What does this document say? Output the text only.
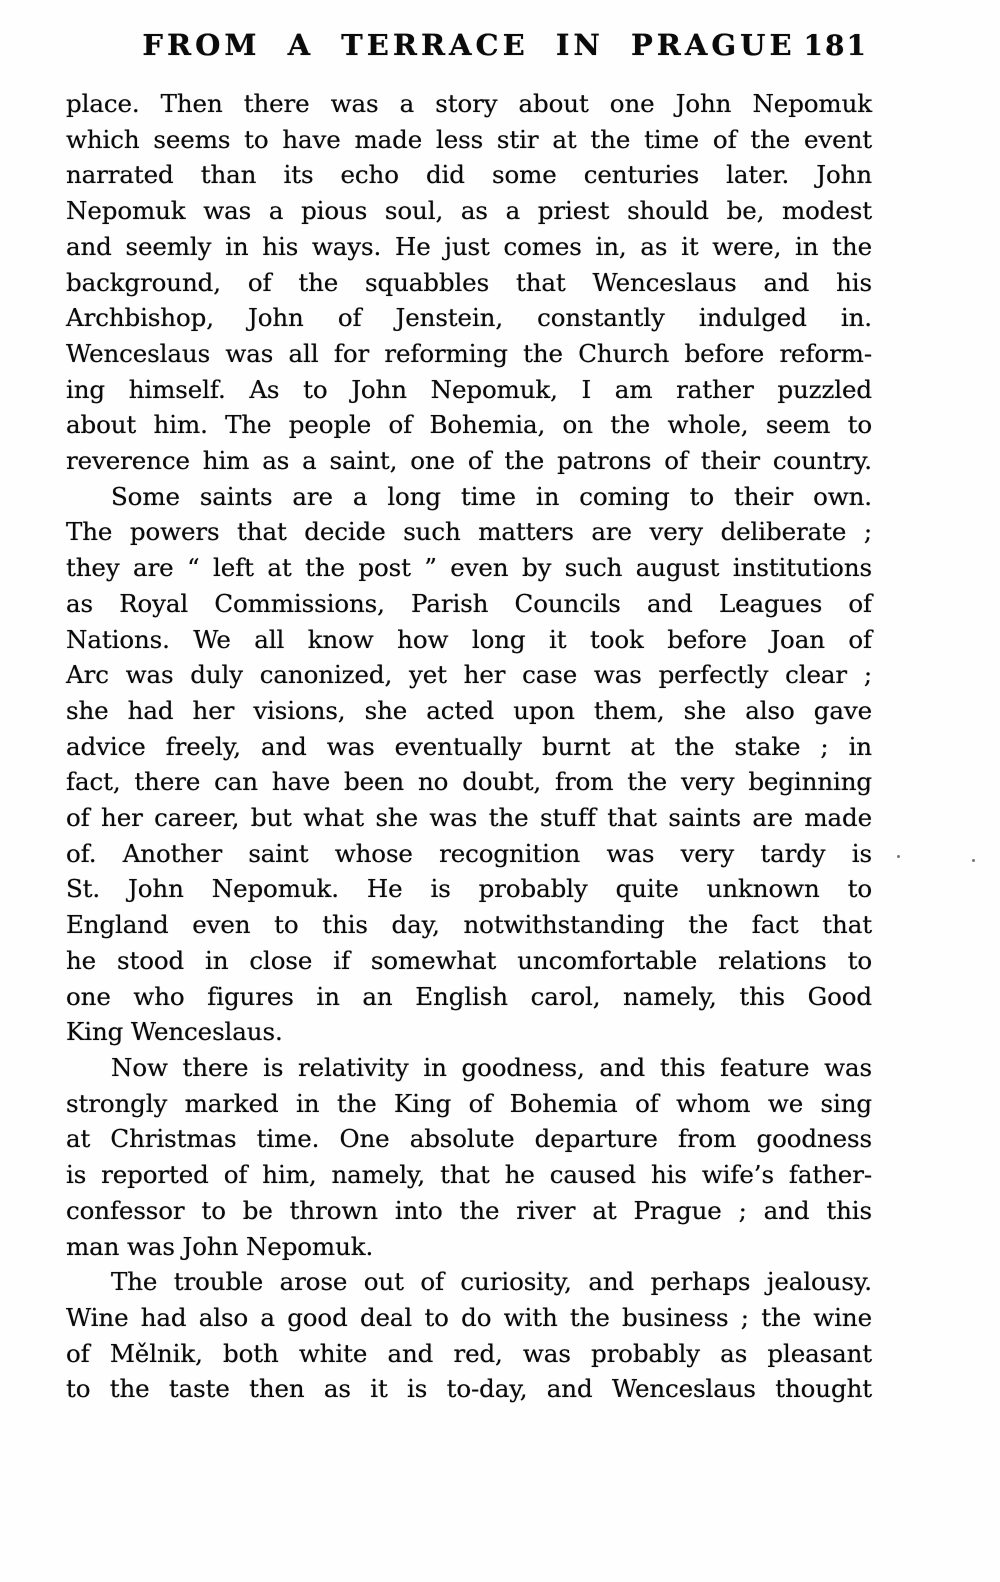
FROM A TERRACE IN PRAGUE 181
place. Then there was a story about one John Nepomuk
which seems to have made less stir at the time of the event
narrated than its echo did some centuries later. John
Nepomuk was a pious soul, as a priest should be, modest
and seemly in his ways. He just comes in, as it were, in the
background, of the squabbles that Wenceslaus and his
Archbishop, John of Jenstein, constantly indulged in.
Wenceslaus was all for reforming the Church before reform-
ing himself. As to John Nepomuk, I am rather puzzled
about him. The people of Bohemia, on the whole, seem to
reverence him as a saint, one of the patrons of their country.
Some saints are a long time in coming to their own.
The powers that decide such matters are very deliberate ;
they are “ left at the post ” even by such august institutions
as Royal Commissions, Parish Councils and Leagues of
Nations. We all know how long it took before Joan of
Arc was duly canonized, yet her case was perfectly clear ;
she had her visions, she acted upon them, she also gave
advice freely, and was eventually burnt at the stake ; in
fact, there can have been no doubt, from the very beginning
of her career, but what she was the stuff that saints are made
of. Another saint whose recognition was very tardy is
St. John Nepomuk. He is probably quite unknown to
England even to this day, notwithstanding the fact that
he stood in close if somewhat uncomfortable relations to
one who figures in an English carol, namely, this Good
King Wenceslaus.
Now there is relativity in goodness, and this feature was
strongly marked in the King of Bohemia of whom we sing
at Christmas time. One absolute departure from goodness
is reported of him, namely, that he caused his wife’s father-
confessor to be thrown into the river at Prague ; and this
man was John Nepomuk.
The trouble arose out of curiosity, and perhaps jealousy.
Wine had also a good deal to do with the business ; the wine
of Mělnik, both white and red, was probably as pleasant
to the taste then as it is to-day, and Wenceslaus thought
